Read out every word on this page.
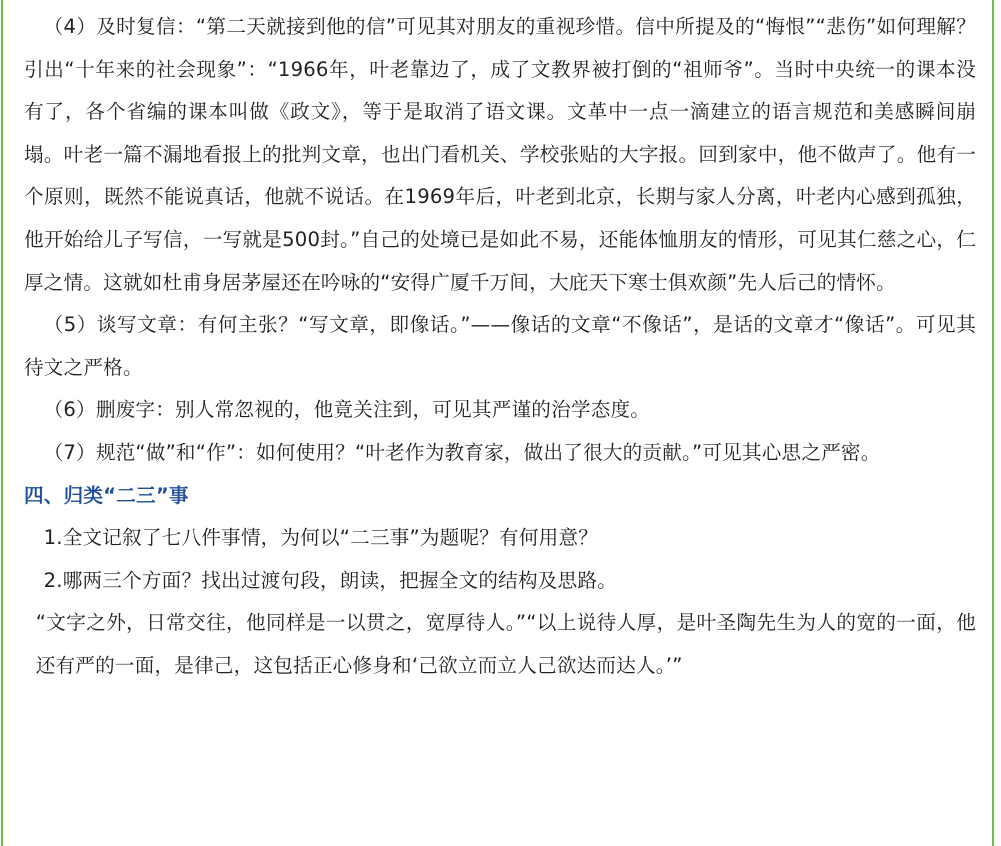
（4）及时复信：“第二天就接到他的信”可见其对朋友的重视珍惜。信中所提及的“悔恨”“悲伤”如何理解？引出“十年来的社会现象”：“1966年，叶老靠边了，成了文教界被打倒的“祖师爷”。当时中央统一的课本没有了，各个省编的课本叫做《政文》，等于是取消了语文课。文革中一点一滴建立的语言规范和美感瞬间崩塌。叶老一篇不漏地看报上的批判文章，也出门看机关、学校张贴的大字报。回到家中，他不做声了。他有一个原则，既然不能说真话，他就不说话。在1969年后，叶老到北京，长期与家人分离，叶老内心感到孤独，他开始给儿子写信，一写就是500封。”自己的处境已是如此不易，还能体恤朋友的情形，可见其仁慈之心，仁厚之情。这就如杜甫身居茅屋还在吟咏的“安得广厦千万间，大庇天下寒士俱欢颜”先人后己的情怀。

（5）谈写文章：有何主张？“写文章，即像话。”——像话的文章“不像话”，是话的文章才“像话”。可见其待文之严格。

（6）删废字：别人常忽视的，他竟关注到，可见其严谨的治学态度。

（7）规范“做”和“作”：如何使用？“叶老作为教育家，做出了很大的贡献。”可见其心思之严密。

四、归类“二三”事

1.全文记叙了七八件事情，为何以“二三事”为题呢？有何用意？

2.哪两三个方面？找出过渡句段，朗读，把握全文的结构及思路。

“文字之外，日常交往，他同样是一以贯之，宽厚待人。”“以上说待人厚，是叶圣陶先生为人的宽的一面，他还有严的一面，是律己，这包括正心修身和‘己欲立而立人己欲达而达人。’”
